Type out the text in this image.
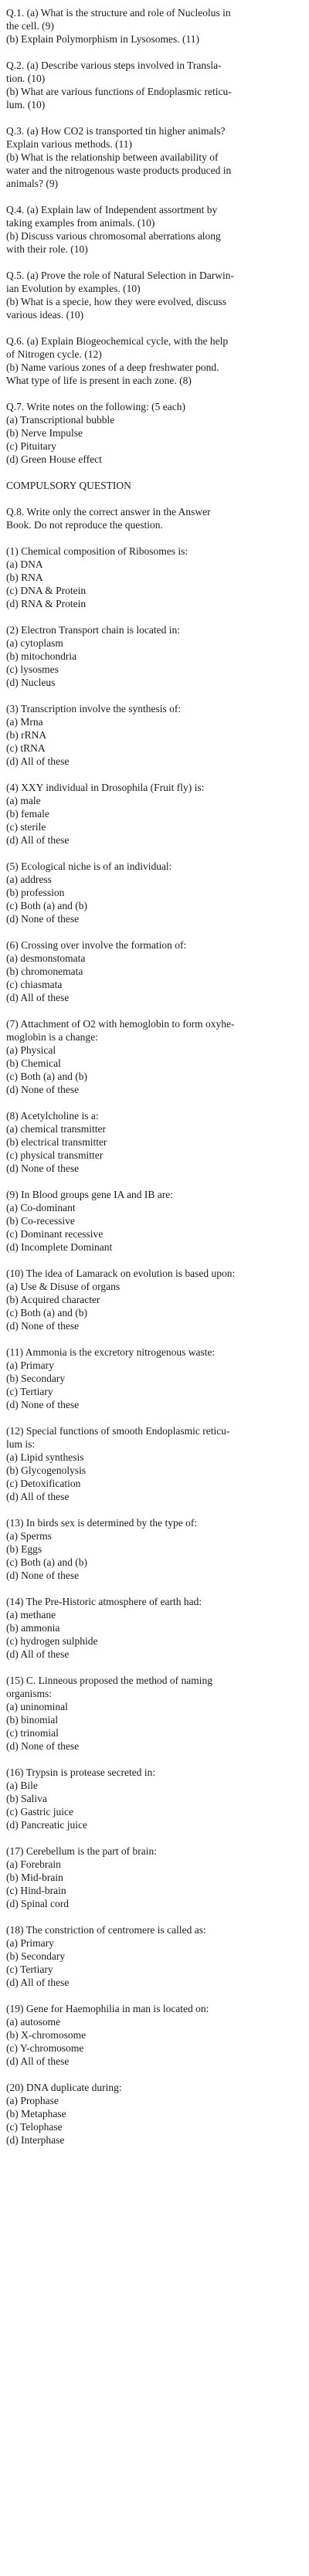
Q.1. (a) What is the structure and role of Nucleolus in

the cell. (9)

(b) Explain Polymorphism in Lysosomes. (11)

Q.2. (a) Describe various steps involved in Transla-

tion. (10)

(b) What are various functions of Endoplasmic reticu-

lum. (10)

Q.3. (a) How CO2 is transported tin higher animals?

Explain various methods. (11)

(b) What is the relationship between availability of

water and the nitrogenous waste products produced in

animals? (9)

Q.4. (a) Explain law of Independent assortment by

taking examples from animals. (10)

(b) Discuss various chromosomal aberrations along

with their role. (10)

Q.5. (a) Prove the role of Natural Selection in Darwin-

ian Evolution by examples. (10)

(b) What is a specie, how they were evolved, discuss

various ideas. (10)

Q.6. (a) Explain Biogeochemical cycle, with the help

of Nitrogen cycle. (12)

(b) Name various zones of a deep freshwater pond.

What type of life is present in each zone. (8)

Q.7. Write notes on the following: (5 each)

(a) Transcriptional bubble

(b) Nerve Impulse

(c) Pituitary

(d) Green House effect

COMPULSORY QUESTION

Q.8. Write only the correct answer in the Answer

Book. Do not reproduce the question.

(1) Chemical composition of Ribosomes is:

(a) DNA

(b) RNA

(c) DNA & Protein

(d) RNA & Protein

(2) Electron Transport chain is located in:

(a) cytoplasm

(b) mitochondria

(c) lysosmes

(d) Nucleus

(3) Transcription involve the synthesis of:

(a) Mrna

(b) rRNA

(c) tRNA

(d) All of these

(4) XXY individual in Drosophila (Fruit fly) is:

(a) male

(b) female

(c) sterile

(d) All of these

(5) Ecological niche is of an individual:

(a) address

(b) profession

(c) Both (a) and (b)

(d) None of these

(6) Crossing over involve the formation of:

(a) desmonstomata

(b) chromonemata

(c) chiasmata

(d) All of these

(7) Attachment of O2 with hemoglobin to form oxyhe-

moglobin is a change:

(a) Physical

(b) Chemical

(c) Both (a) and (b)

(d) None of these

(8) Acetylcholine is a:

(a) chemical transmitter

(b) electrical transmitter

(c) physical transmitter

(d) None of these

(9) In Blood groups gene IA and IB are:

(a) Co-dominant

(b) Co-recessive

(c) Dominant recessive

(d) Incomplete Dominant

(10) The idea of Lamarack on evolution is based upon:

(a) Use & Disuse of organs

(b) Acquired character

(c) Both (a) and (b)

(d) None of these

(11) Ammonia is the excretory nitrogenous waste:

(a) Primary

(b) Secondary

(c) Tertiary

(d) None of these

(12) Special functions of smooth Endoplasmic reticu-

lum is:

(a) Lipid synthesis

(b) Glycogenolysis

(c) Detoxification

(d) All of these

(13) In birds sex is determined by the type of:

(a) Sperms

(b) Eggs

(c) Both (a) and (b)

(d) None of these

(14) The Pre-Historic atmosphere of earth had:

(a) methane

(b) ammonia

(c) hydrogen sulphide

(d) All of these

(15) C. Linneous proposed the method of naming

organisms:

(a) uninominal

(b) binomial

(c) trinomial

(d) None of these

(16) Trypsin is protease secreted in:

(a) Bile

(b) Saliva

(c) Gastric juice

(d) Pancreatic juice

(17) Cerebellum is the part of brain:

(a) Forebrain

(b) Mid-brain

(c) Hind-brain

(d) Spinal cord

(18) The constriction of centromere is called as:

(a) Primary

(b) Secondary

(c) Tertiary

(d) All of these

(19) Gene for Haemophilia in man is located on:

(a) autosome

(b) X-chromosome

(c) Y-chromosome

(d) All of these

(20) DNA duplicate during:

(a) Prophase

(b) Metaphase

(c) Telophase

(d) Interphase
